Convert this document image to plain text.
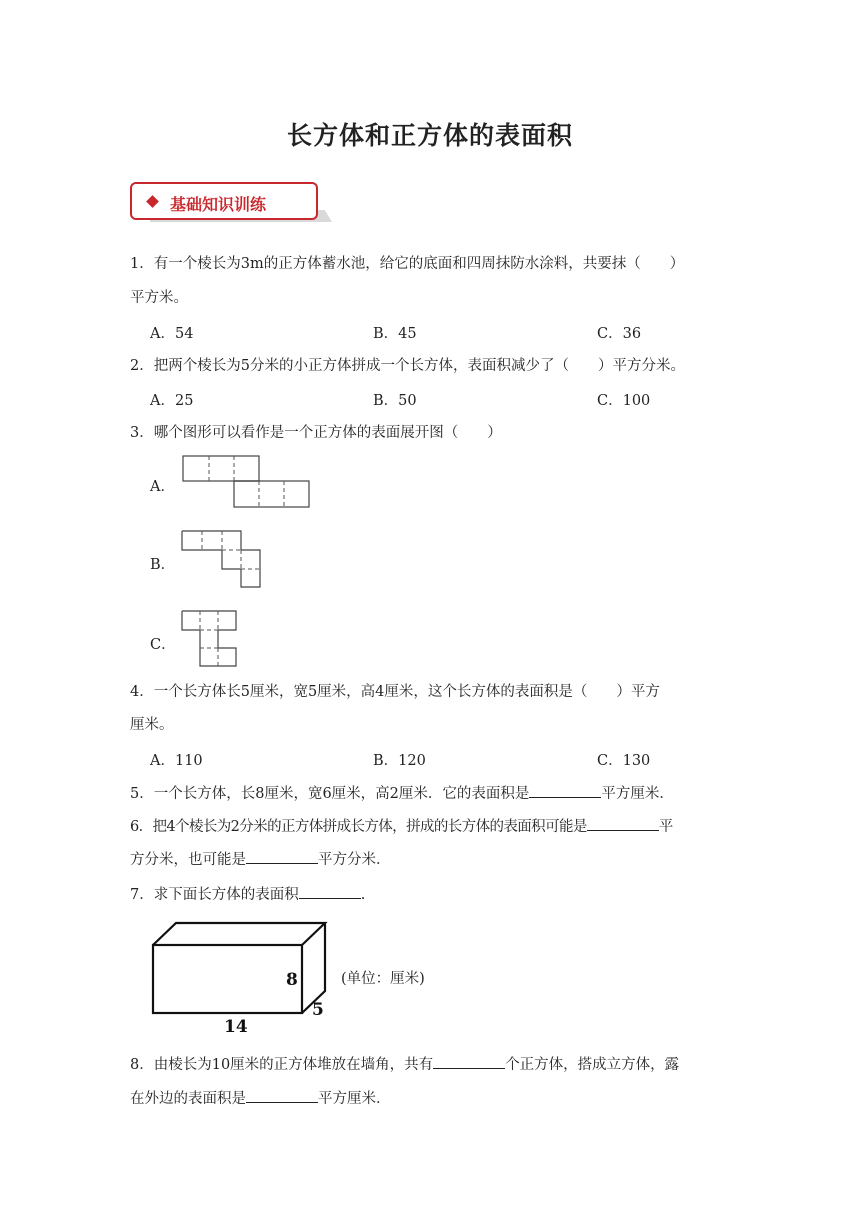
长方体和正方体的表面积
基础知识训练
1．有一个棱长为3m的正方体蓄水池，给它的底面和四周抹防水涂料，共要抹（　　）
平方米。
A．54	B．45	C．36
2．把两个棱长为5分米的小正方体拼成一个长方体，表面积减少了（　　）平方分米。
A．25	B．50	C．100
3．哪个图形可以看作是一个正方体的表面展开图（　　）
A．
B．
C．
4．一个长方体长5厘米，宽5厘米，高4厘米，这个长方体的表面积是（　　）平方
厘米。
A．110	B．120	C．130
5．一个长方体，长8厘米，宽6厘米，高2厘米．它的表面积是	平方厘米．
6．把4个棱长为2分米的正方体拼成长方体，拼成的长方体的表面积可能是	平
方分米，也可能是	平方分米．
7．求下面长方体的表面积	.
8
5
14
(单位：厘米)
8．由棱长为10厘米的正方体堆放在墙角，共有	个正方体，搭成立方体，露
在外边的表面积是	平方厘米．
